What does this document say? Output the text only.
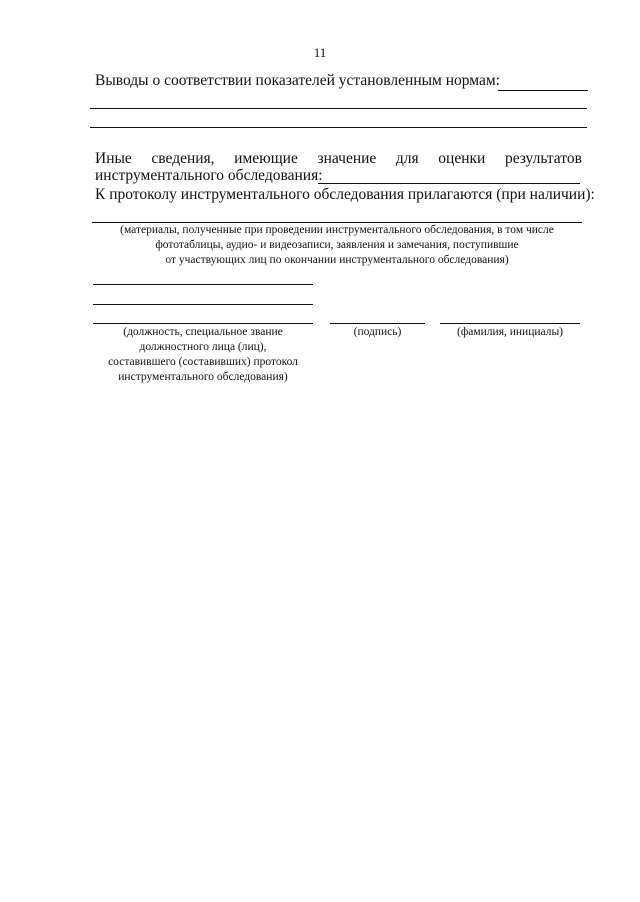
11
Выводы о соответствии показателей установленным нормам:
Иные сведения, имеющие значение для оценки результатов
инструментального обследования:
К протоколу инструментального обследования прилагаются (при наличии):
(материалы, полученные при проведении инструментального обследования, в том числе
фототаблицы, аудио- и видеозаписи, заявления и замечания, поступившие
от участвующих лиц по окончании инструментального обследования)
(должность, специальное звание
должностного лица (лиц),
составившего (составивших) протокол
инструментального обследования)
(подпись)	(фамилия, инициалы)
